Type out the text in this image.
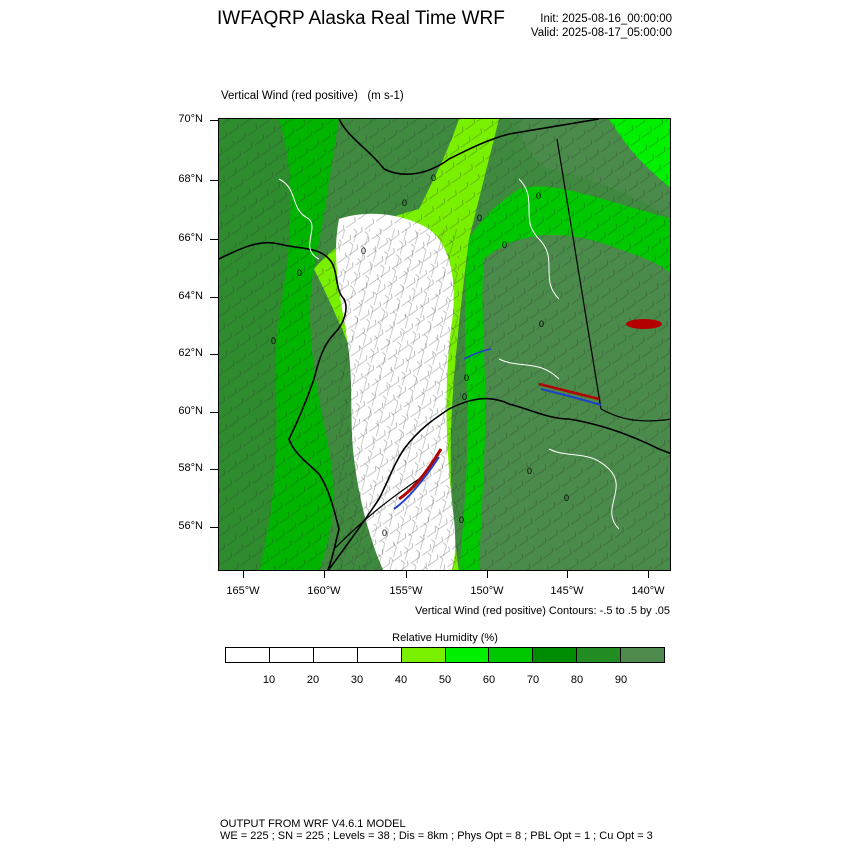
IWFAQRP Alaska Real Time WRF	Init: 2025-08-16_00:00:00
Valid: 2025-08-17_05:00:00

Vertical Wind (red positive)   (m s-1)

70°N
68°N
66°N
64°N
62°N
60°N
58°N
56°N
165°W	160°W	155°W	150°W	145°W	140°W
0
0
0
0
0
0
0
0
0
0
0
0
0
0
0
Vertical Wind (red positive) Contours: -.5 to .5 by .05
Relative Humidity (%)
10	20	30	40	50	60	70	80	90
OUTPUT FROM WRF V4.6.1 MODEL
WE = 225 ; SN = 225 ; Levels = 38 ; Dis = 8km ; Phys Opt = 8 ; PBL Opt = 1 ; Cu Opt = 3
